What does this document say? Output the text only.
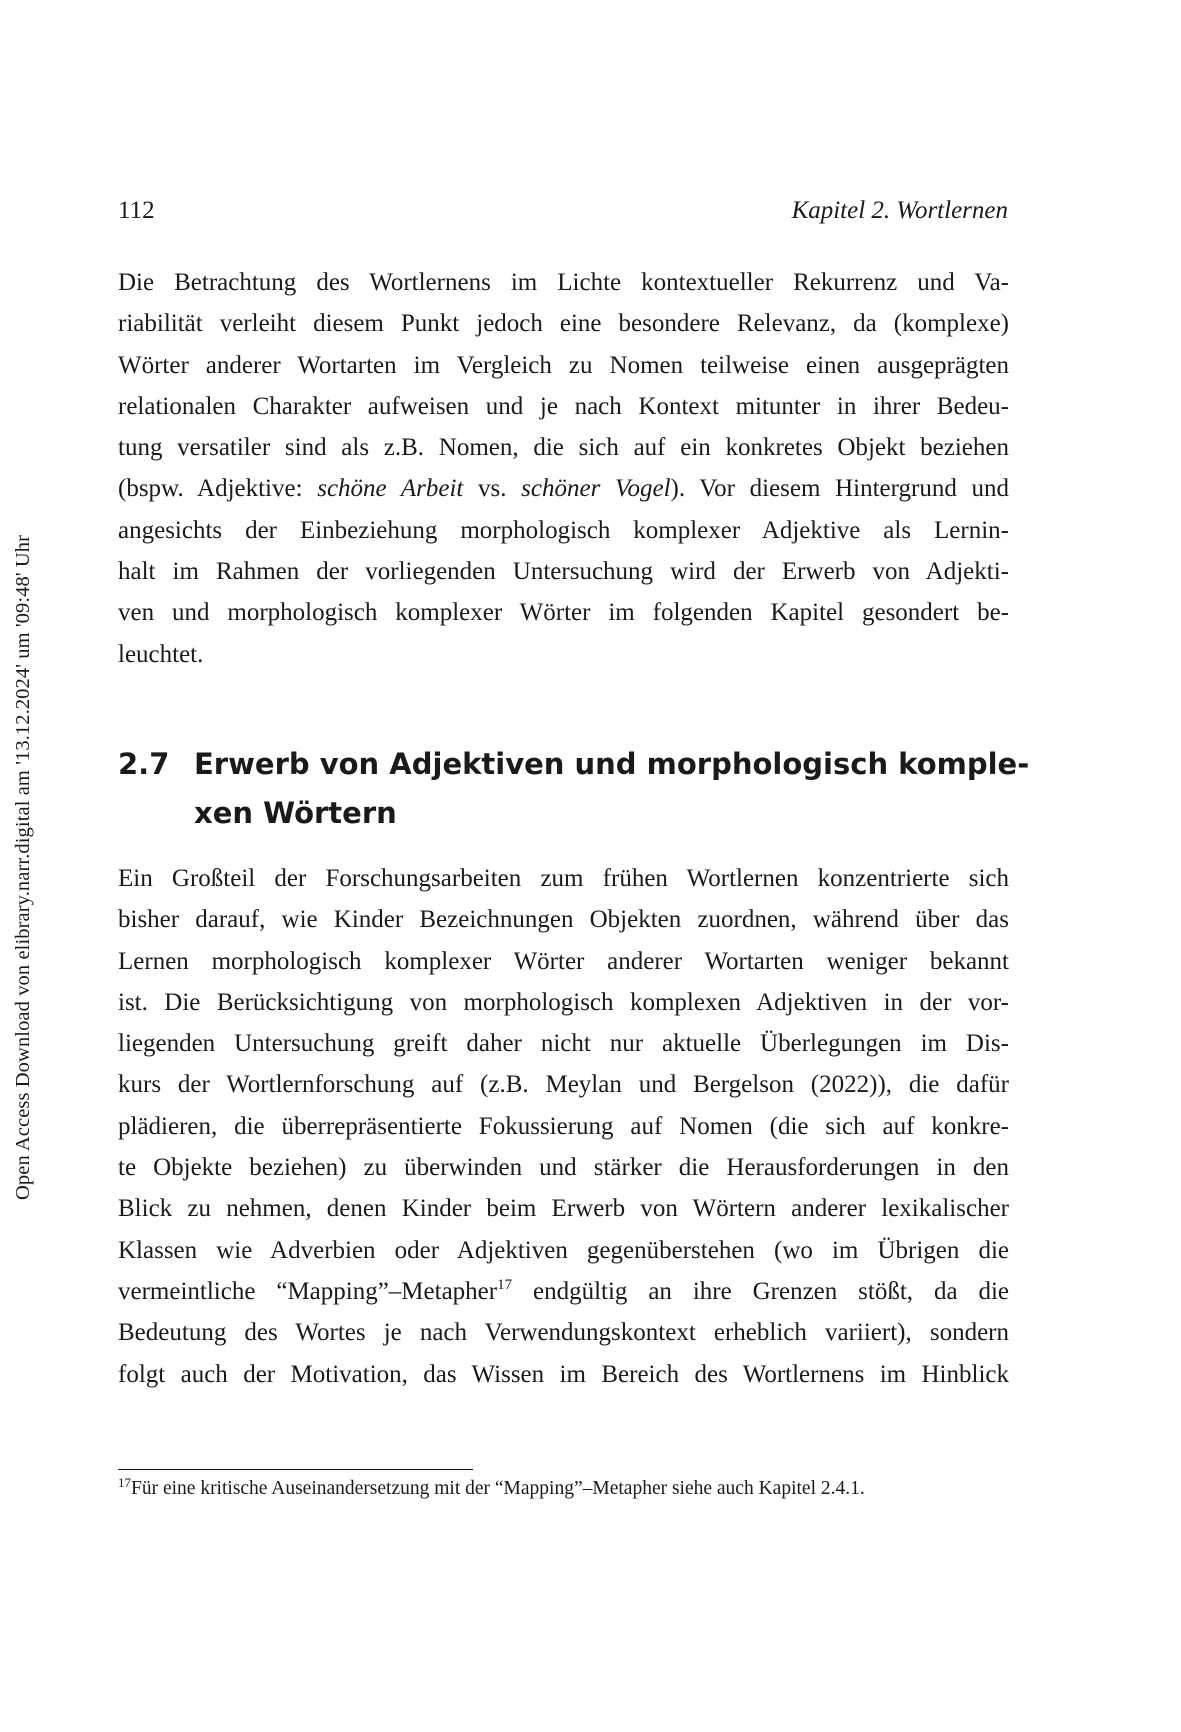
Open Access Download von elibrary.narr.digital am '13.12.2024' um '09:48' Uhr
112	Kapitel 2. Wortlernen
Die Betrachtung des Wortlernens im Lichte kontextueller Rekurrenz und Va-
riabilität verleiht diesem Punkt jedoch eine besondere Relevanz, da (komplexe)
Wörter anderer Wortarten im Vergleich zu Nomen teilweise einen ausgeprägten
relationalen Charakter aufweisen und je nach Kontext mitunter in ihrer Bedeu-
tung versatiler sind als z.B. Nomen, die sich auf ein konkretes Objekt beziehen
(bspw. Adjektive: schöne Arbeit vs. schöner Vogel). Vor diesem Hintergrund und
angesichts der Einbeziehung morphologisch komplexer Adjektive als Lernin-
halt im Rahmen der vorliegenden Untersuchung wird der Erwerb von Adjekti-
ven und morphologisch komplexer Wörter im folgenden Kapitel gesondert be-
leuchtet.
2.7 Erwerb von Adjektiven und morphologisch komple-
xen Wörtern
Ein Großteil der Forschungsarbeiten zum frühen Wortlernen konzentrierte sich
bisher darauf, wie Kinder Bezeichnungen Objekten zuordnen, während über das
Lernen morphologisch komplexer Wörter anderer Wortarten weniger bekannt
ist. Die Berücksichtigung von morphologisch komplexen Adjektiven in der vor-
liegenden Untersuchung greift daher nicht nur aktuelle Überlegungen im Dis-
kurs der Wortlernforschung auf (z.B. Meylan und Bergelson (2022)), die dafür
plädieren, die überrepräsentierte Fokussierung auf Nomen (die sich auf konkre-
te Objekte beziehen) zu überwinden und stärker die Herausforderungen in den
Blick zu nehmen, denen Kinder beim Erwerb von Wörtern anderer lexikalischer
Klassen wie Adverbien oder Adjektiven gegenüberstehen (wo im Übrigen die
vermeintliche “Mapping”–Metapher$^{17}$ endgültig an ihre Grenzen stößt, da die
Bedeutung des Wortes je nach Verwendungskontext erheblich variiert), sondern
folgt auch der Motivation, das Wissen im Bereich des Wortlernens im Hinblick
$^{17}$Für eine kritische Auseinandersetzung mit der “Mapping”–Metapher siehe auch Kapitel 2.4.1.
